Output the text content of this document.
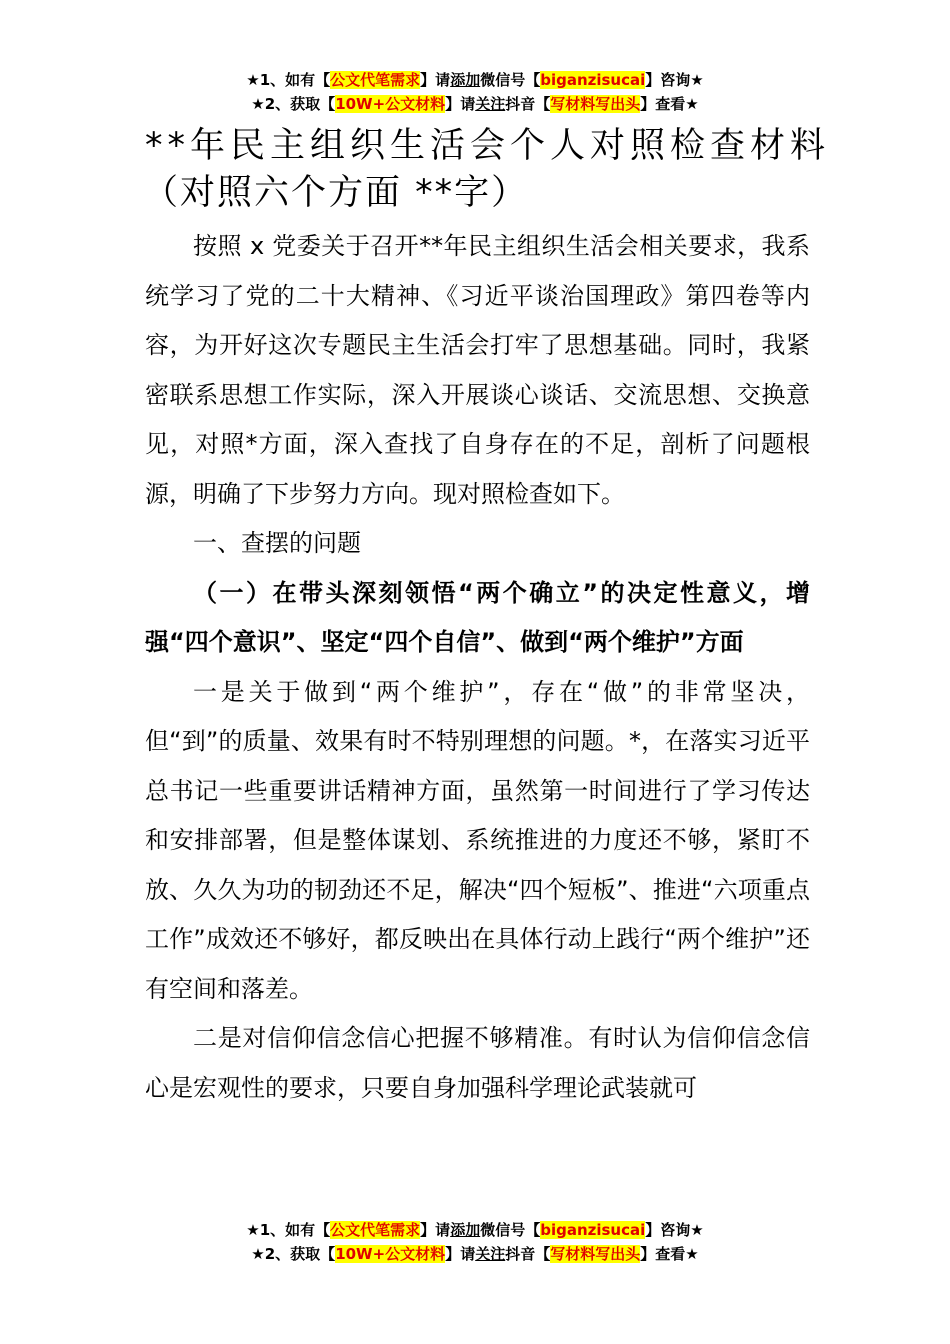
★1、如有【公文代笔需求】请添加微信号【biganzisucai】咨询★
★2、获取【10W+公文材料】请关注抖音【写材料写出头】查看★
**年民主组织生活会个人对照检查材料
（对照六个方面 **字）

按照 x 党委关于召开**年民主组织生活会相关要求，我系统学习了党的二十大精神、《习近平谈治国理政》第四卷等内容，为开好这次专题民主生活会打牢了思想基础。同时，我紧密联系思想工作实际，深入开展谈心谈话、交流思想、交换意见，对照*方面，深入查找了自身存在的不足，剖析了问题根源，明确了下步努力方向。现对照检查如下。

一、查摆的问题

（一）在带头深刻领悟“两个确立”的决定性意义，增强“四个意识”、坚定“四个自信”、做到“两个维护”方面

一是关于做到“两个维护”，存在“做”的非常坚决，但“到”的质量、效果有时不特别理想的问题。*，在落实习近平总书记一些重要讲话精神方面，虽然第一时间进行了学习传达和安排部署，但是整体谋划、系统推进的力度还不够，紧盯不放、久久为功的韧劲还不足，解决“四个短板”、推进“六项重点工作”成效还不够好，都反映出在具体行动上践行“两个维护”还有空间和落差。

二是对信仰信念信心把握不够精准。有时认为信仰信念信心是宏观性的要求，只要自身加强科学理论武装就可

★1、如有【公文代笔需求】请添加微信号【biganzisucai】咨询★
★2、获取【10W+公文材料】请关注抖音【写材料写出头】查看★
